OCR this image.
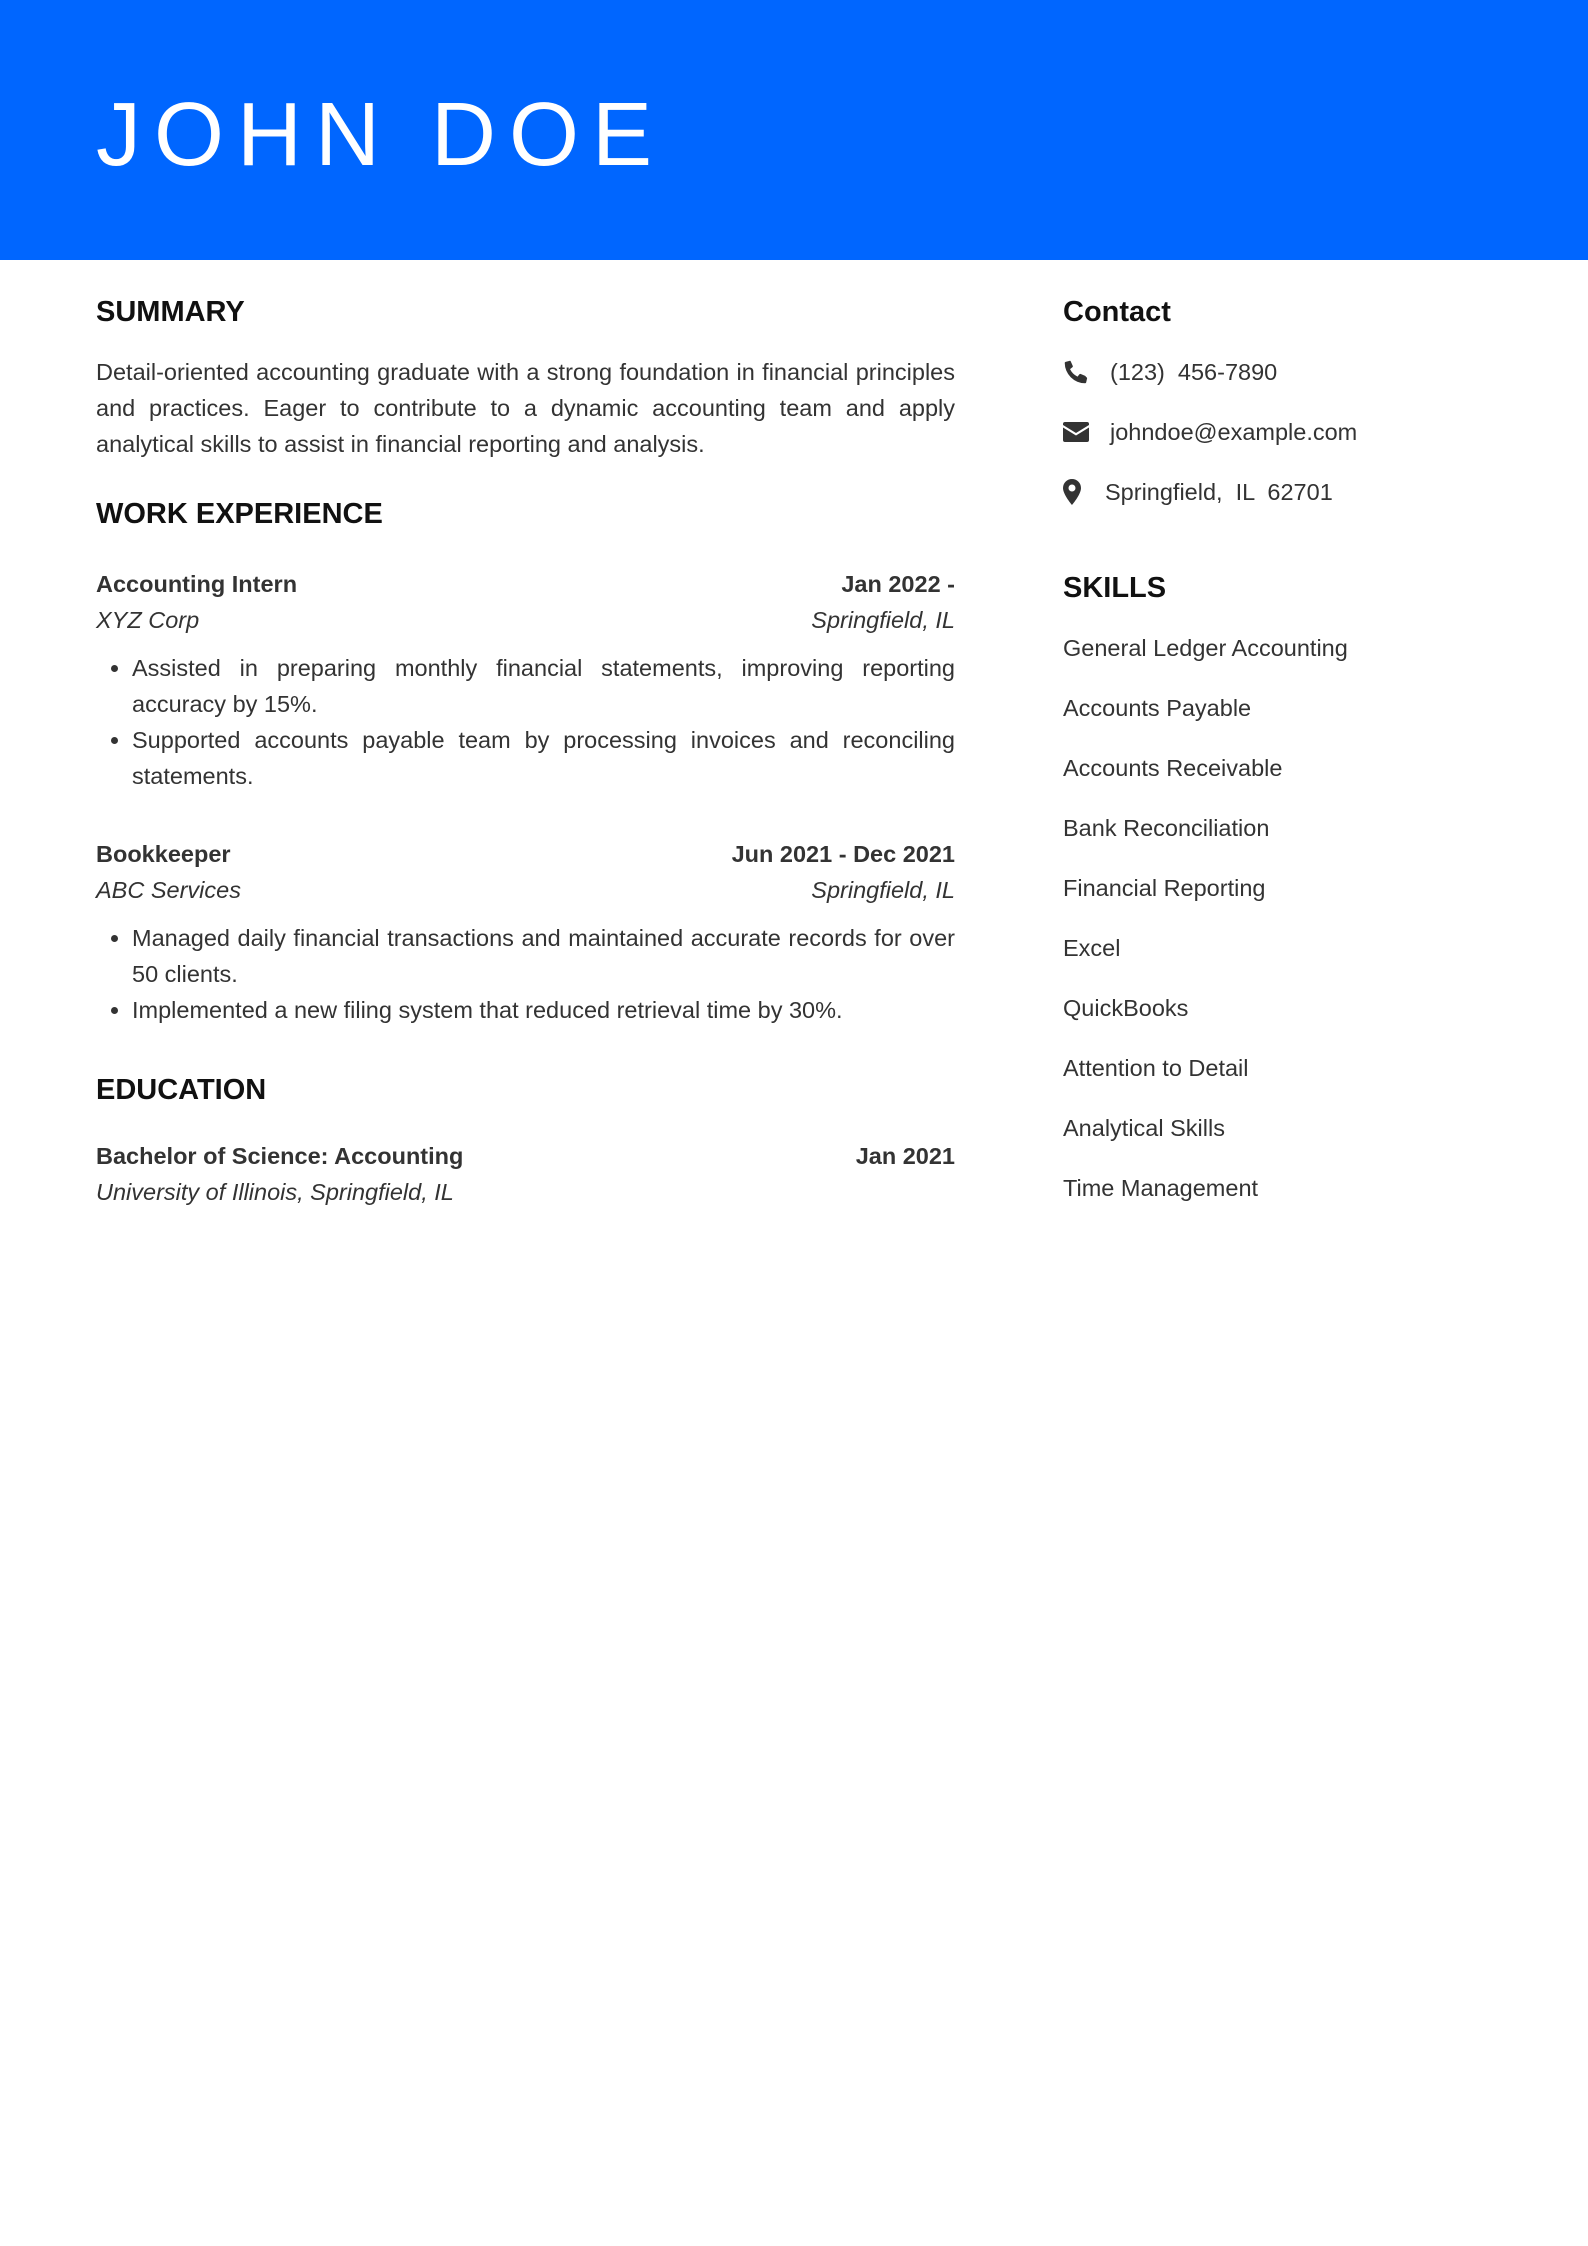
JOHN DOE
SUMMARY

Detail-oriented accounting graduate with a strong foundation in financial principles and practices. Eager to contribute to a dynamic accounting team and apply analytical skills to assist in financial reporting and analysis.

WORK EXPERIENCE
Accounting Intern	Jan 2022 -
XYZ Corp	Springfield, IL
• Assisted in preparing monthly financial statements, improving reporting accuracy by 15%.
• Supported accounts payable team by processing invoices and reconciling statements.
Bookkeeper	Jun 2021 - Dec 2021
ABC Services	Springfield, IL
• Managed daily financial transactions and maintained accurate records for over 50 clients.
• Implemented a new filing system that reduced retrieval time by 30%.
EDUCATION
Bachelor of Science: Accounting	Jan 2021
University of Illinois, Springfield, IL
Contact
(123)  456-7890
johndoe@example.com
Springfield,  IL  62701
SKILLS
General Ledger Accounting
Accounts Payable
Accounts Receivable
Bank Reconciliation
Financial Reporting
Excel
QuickBooks
Attention to Detail
Analytical Skills
Time Management
